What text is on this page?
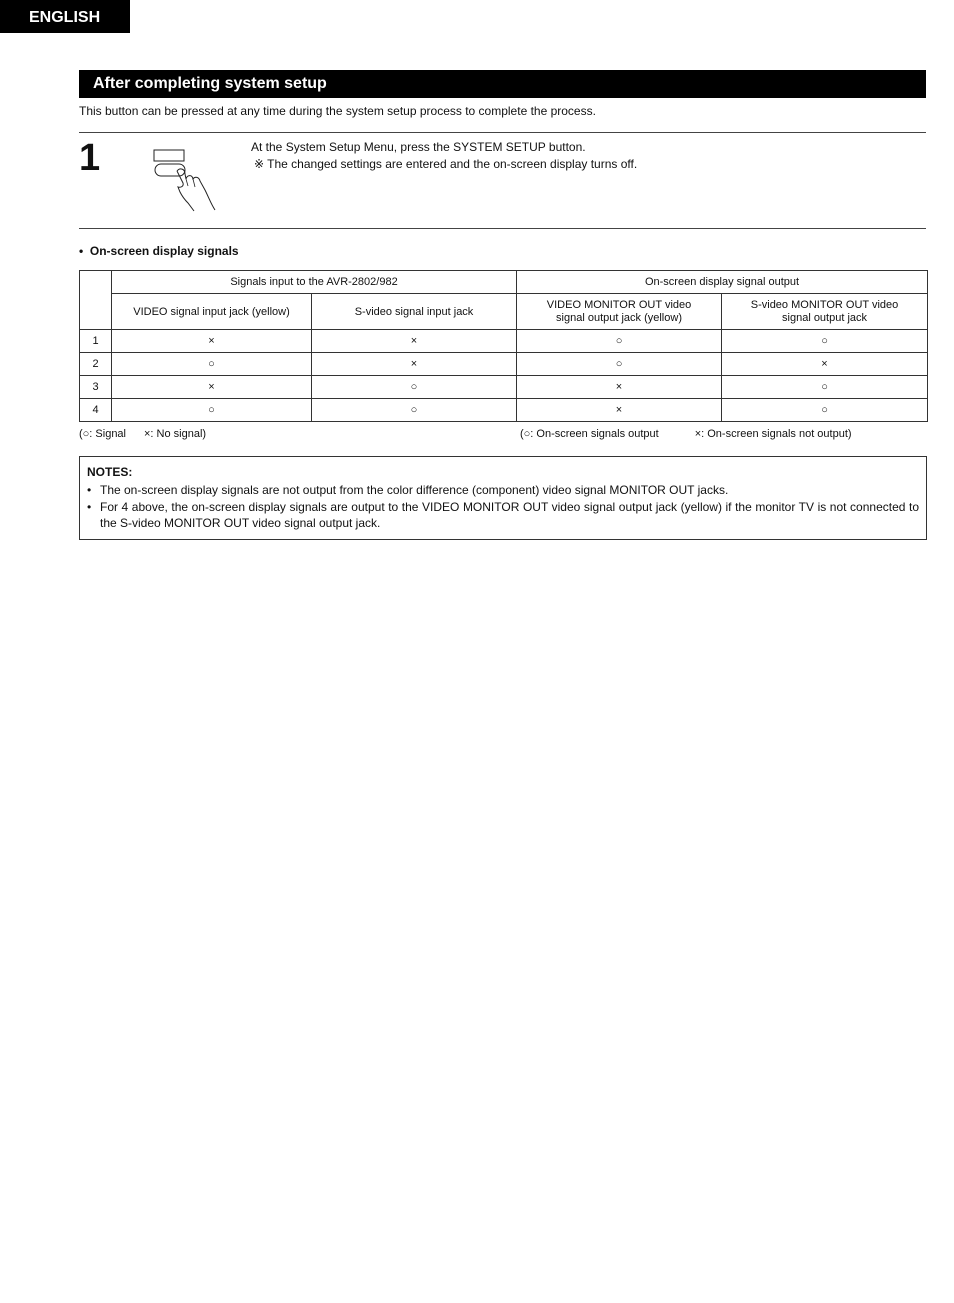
ENGLISH
After completing system setup
This button can be pressed at any time during the system setup process to complete the process.
1	At the System Setup Menu, press the SYSTEM SETUP button.
※ The changed settings are entered and the on-screen display turns off.
•  On-screen display signals
	Signals input to the AVR-2802/982		On-screen display signal output	
	VIDEO signal input jack (yellow)	S-video signal input jack	VIDEO MONITOR OUT video
signal output jack (yellow)	S-video MONITOR OUT video
signal output jack
1	×	×	○	○
2	○	×	○	×
3	×	○	×	○
4	○	○	×	○
(○: Signal ×: No signal)	(○: On-screen signals output	×: On-screen signals not output)
NOTES:
• The on-screen display signals are not output from the color difference (component) video signal MONITOR OUT jacks.
• For 4 above, the on-screen display signals are output to the VIDEO MONITOR OUT video signal output jack (yellow) if the monitor TV is not connected to the S-video MONITOR OUT video signal output jack.
